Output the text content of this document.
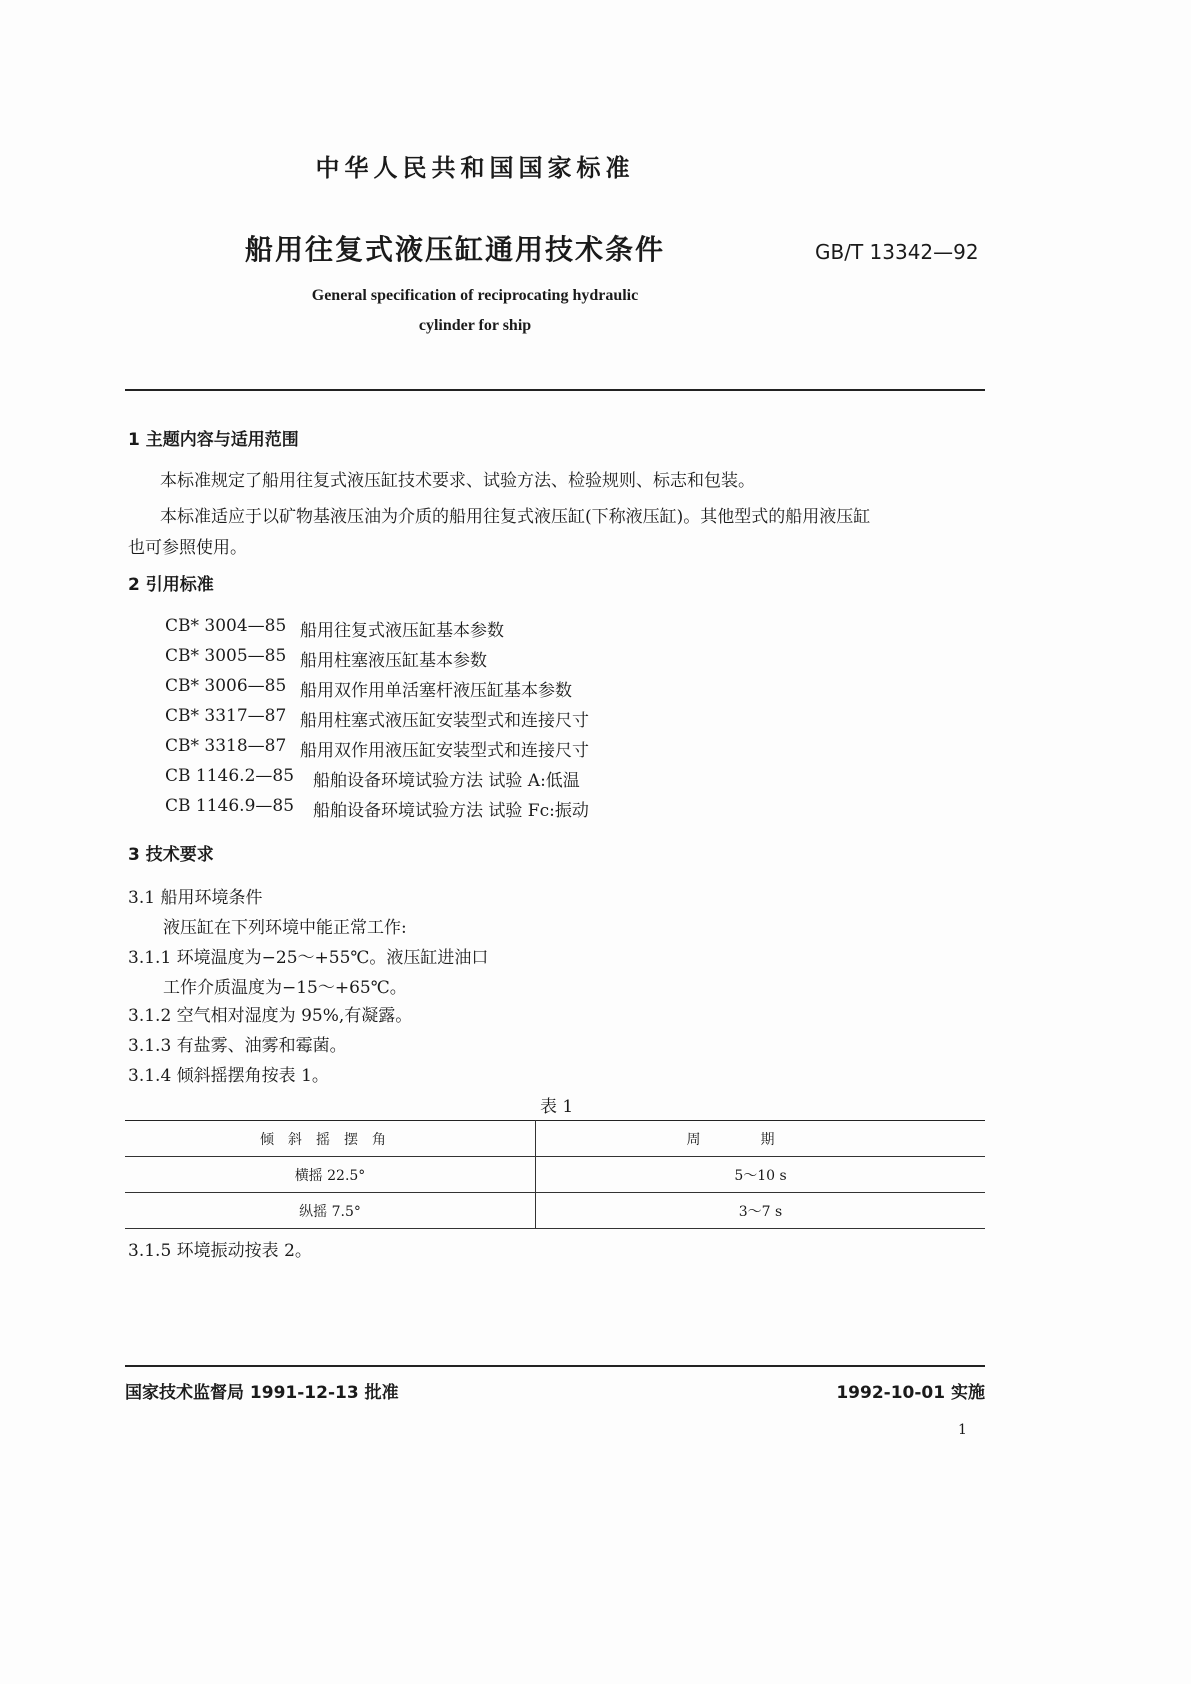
中华人民共和国国家标准
船用往复式液压缸通用技术条件	GB/T 13342—92
General specification of reciprocating hydraulic
cylinder for ship
1 主题内容与适用范围
本标准规定了船用往复式液压缸技术要求、试验方法、检验规则、标志和包装。
本标准适应于以矿物基液压油为介质的船用往复式液压缸(下称液压缸)。其他型式的船用液压缸
也可参照使用。
2 引用标准
CB* 3004—85 船用往复式液压缸基本参数
CB* 3005—85 船用柱塞液压缸基本参数
CB* 3006—85 船用双作用单活塞杆液压缸基本参数
CB* 3317—87 船用柱塞式液压缸安装型式和连接尺寸
CB* 3318—87 船用双作用液压缸安装型式和连接尺寸
CB 1146.2—85 船舶设备环境试验方法 试验 A:低温
CB 1146.9—85 船舶设备环境试验方法 试验 Fc:振动
3 技术要求
3.1 船用环境条件
液压缸在下列环境中能正常工作:
3.1.1 环境温度为−25～+55℃。液压缸进油口
工作介质温度为−15～+65℃。
3.1.2 空气相对湿度为 95%,有凝露。
3.1.3 有盐雾、油雾和霉菌。
3.1.4 倾斜摇摆角按表 1。
表 1
倾斜摇摆角	周期
横摇 22.5°	5～10 s
纵摇 7.5°	3～7 s
3.1.5 环境振动按表 2。
国家技术监督局 1991-12-13 批准	1992-10-01 实施
1
